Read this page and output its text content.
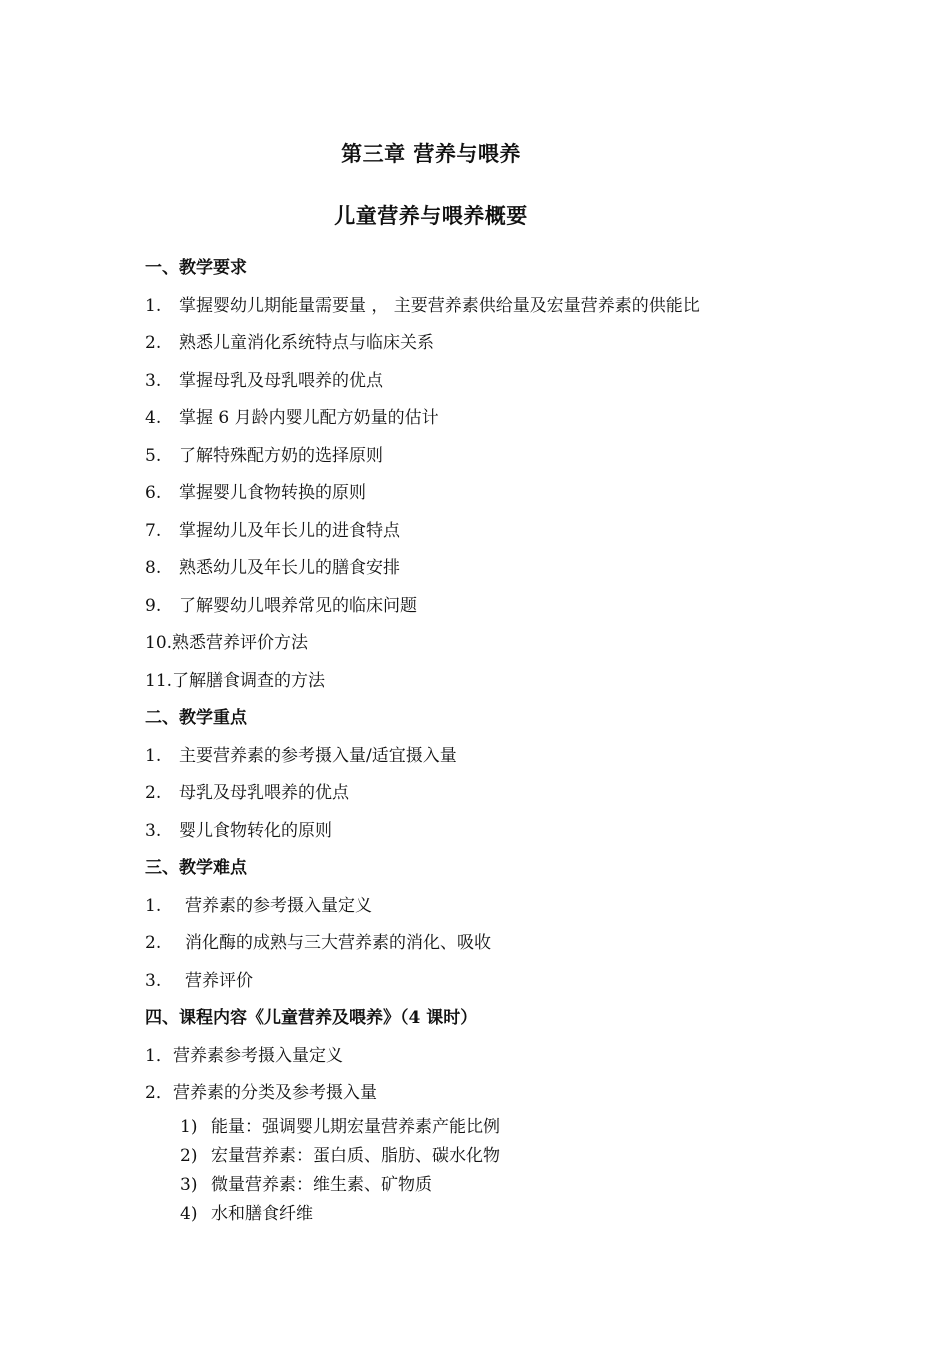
第三章 营养与喂养
儿童营养与喂养概要
一、教学要求
1. 掌握婴幼儿期能量需要量 ， 主要营养素供给量及宏量营养素的供能比
2. 熟悉儿童消化系统特点与临床关系
3. 掌握母乳及母乳喂养的优点
4. 掌握 6 月龄内婴儿配方奶量的估计
5. 了解特殊配方奶的选择原则
6. 掌握婴儿食物转换的原则
7. 掌握幼儿及年长儿的进食特点
8. 熟悉幼儿及年长儿的膳食安排
9. 了解婴幼儿喂养常见的临床问题
10.熟悉营养评价方法
11.了解膳食调查的方法
二、教学重点
1. 主要营养素的参考摄入量/适宜摄入量
2. 母乳及母乳喂养的优点
3. 婴儿食物转化的原则
三、教学难点
1. 营养素的参考摄入量定义
2. 消化酶的成熟与三大营养素的消化、吸收
3. 营养评价
四、课程内容《儿童营养及喂养》（4 课时）
1．营养素参考摄入量定义
2．营养素的分类及参考摄入量
1) 能量：强调婴儿期宏量营养素产能比例
2) 宏量营养素：蛋白质、脂肪、碳水化物
3) 微量营养素：维生素、矿物质
4) 水和膳食纤维
